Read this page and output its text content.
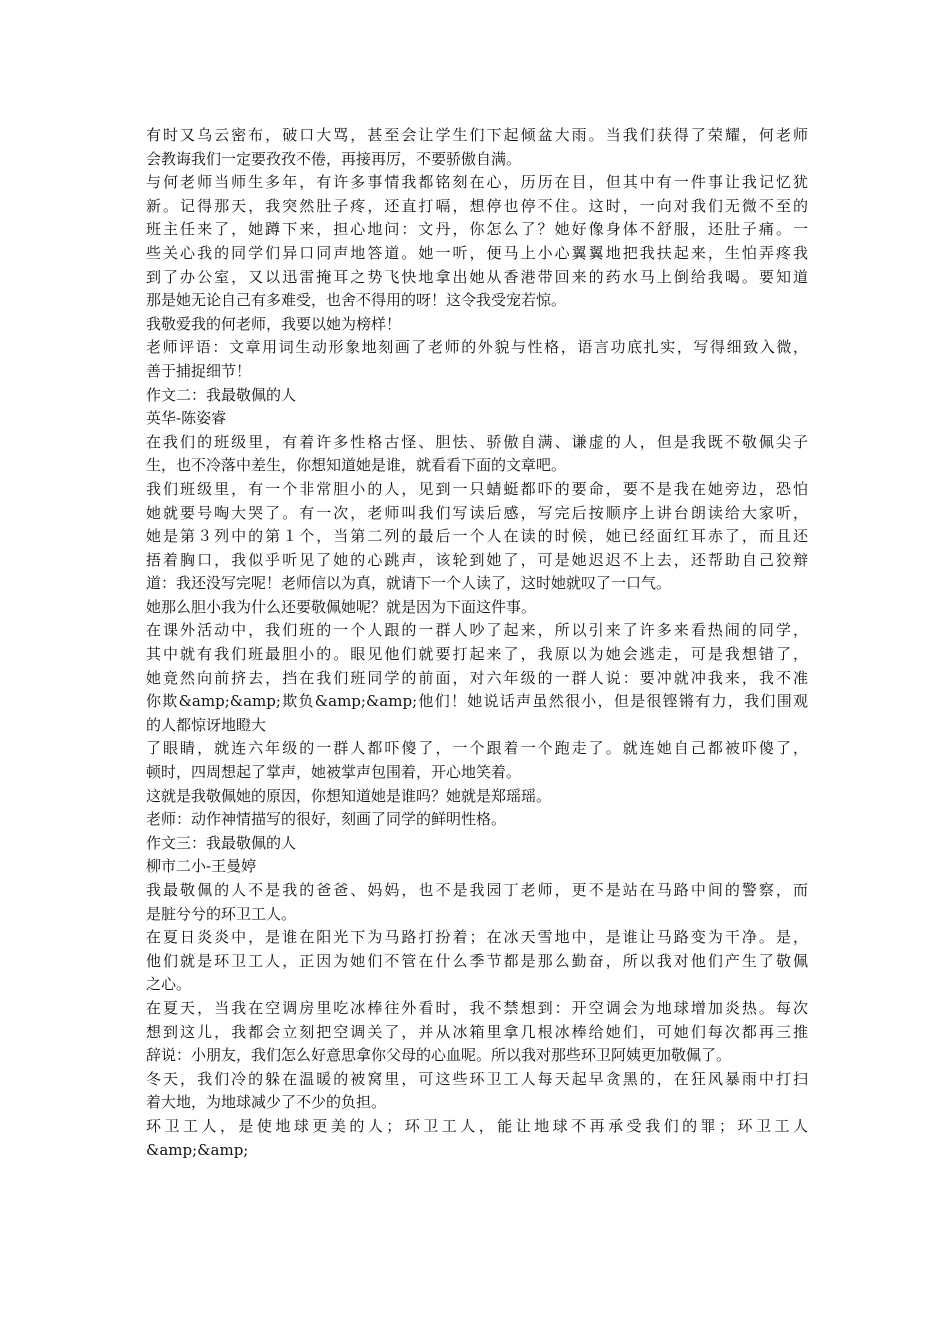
有时又乌云密布，破口大骂，甚至会让学生们下起倾盆大雨。当我们获得了荣耀，何老师
会教诲我们一定要孜孜不倦，再接再厉，不要骄傲自满。
与何老师当师生多年，有许多事情我都铭刻在心，历历在目，但其中有一件事让我记忆犹
新。记得那天，我突然肚子疼，还直打嗝，想停也停不住。这时，一向对我们无微不至的
班主任来了，她蹲下来，担心地问：文丹，你怎么了？她好像身体不舒服，还肚子痛。一
些关心我的同学们异口同声地答道。她一听，便马上小心翼翼地把我扶起来，生怕弄疼我
到了办公室，又以迅雷掩耳之势飞快地拿出她从香港带回来的药水马上倒给我喝。要知道
那是她无论自己有多难受，也舍不得用的呀！这令我受宠若惊。
我敬爱我的何老师，我要以她为榜样！
老师评语：文章用词生动形象地刻画了老师的外貌与性格，语言功底扎实，写得细致入微，
善于捕捉细节！
作文二：我最敬佩的人
英华-陈姿睿
在我们的班级里，有着许多性格古怪、胆怯、骄傲自满、谦虚的人，但是我既不敬佩尖子
生，也不冷落中差生，你想知道她是谁，就看看下面的文章吧。
我们班级里，有一个非常胆小的人，见到一只蜻蜓都吓的要命，要不是我在她旁边，恐怕
她就要号啕大哭了。有一次，老师叫我们写读后感，写完后按顺序上讲台朗读给大家听，
她是第３列中的第１个，当第二列的最后一个人在读的时候，她已经面红耳赤了，而且还
捂着胸口，我似乎听见了她的心跳声，该轮到她了，可是她迟迟不上去，还帮助自己狡辩
道：我还没写完呢！老师信以为真，就请下一个人读了，这时她就叹了一口气。
她那么胆小我为什么还要敬佩她呢？就是因为下面这件事。
在课外活动中，我们班的一个人跟的一群人吵了起来，所以引来了许多来看热闹的同学，
其中就有我们班最胆小的。眼见他们就要打起来了，我原以为她会逃走，可是我想错了，
她竟然向前挤去，挡在我们班同学的前面，对六年级的一群人说：要冲就冲我来，我不准
你欺&amp;&amp;欺负&amp;&amp;他们！她说话声虽然很小，但是很铿锵有力，我们围观
的人都惊讶地瞪大
了眼睛，就连六年级的一群人都吓傻了，一个跟着一个跑走了。就连她自己都被吓傻了，
顿时，四周想起了掌声，她被掌声包围着，开心地笑着。
这就是我敬佩她的原因，你想知道她是谁吗？她就是郑瑶瑶。
老师：动作神情描写的很好，刻画了同学的鲜明性格。
作文三：我最敬佩的人
柳市二小-王曼婷
我最敬佩的人不是我的爸爸、妈妈，也不是我园丁老师，更不是站在马路中间的警察，而
是脏兮兮的环卫工人。
在夏日炎炎中，是谁在阳光下为马路打扮着；在冰天雪地中，是谁让马路变为干净。是，
他们就是环卫工人，正因为她们不管在什么季节都是那么勤奋，所以我对他们产生了敬佩
之心。
在夏天，当我在空调房里吃冰棒往外看时，我不禁想到：开空调会为地球增加炎热。每次
想到这儿，我都会立刻把空调关了，并从冰箱里拿几根冰棒给她们，可她们每次都再三推
辞说：小朋友，我们怎么好意思拿你父母的心血呢。所以我对那些环卫阿姨更加敬佩了。
冬天，我们冷的躲在温暖的被窝里，可这些环卫工人每天起早贪黑的，在狂风暴雨中打扫
着大地，为地球减少了不少的负担。
环卫工人，是使地球更美的人；环卫工人，能让地球不再承受我们的罪；环卫工人
&amp;&amp;
